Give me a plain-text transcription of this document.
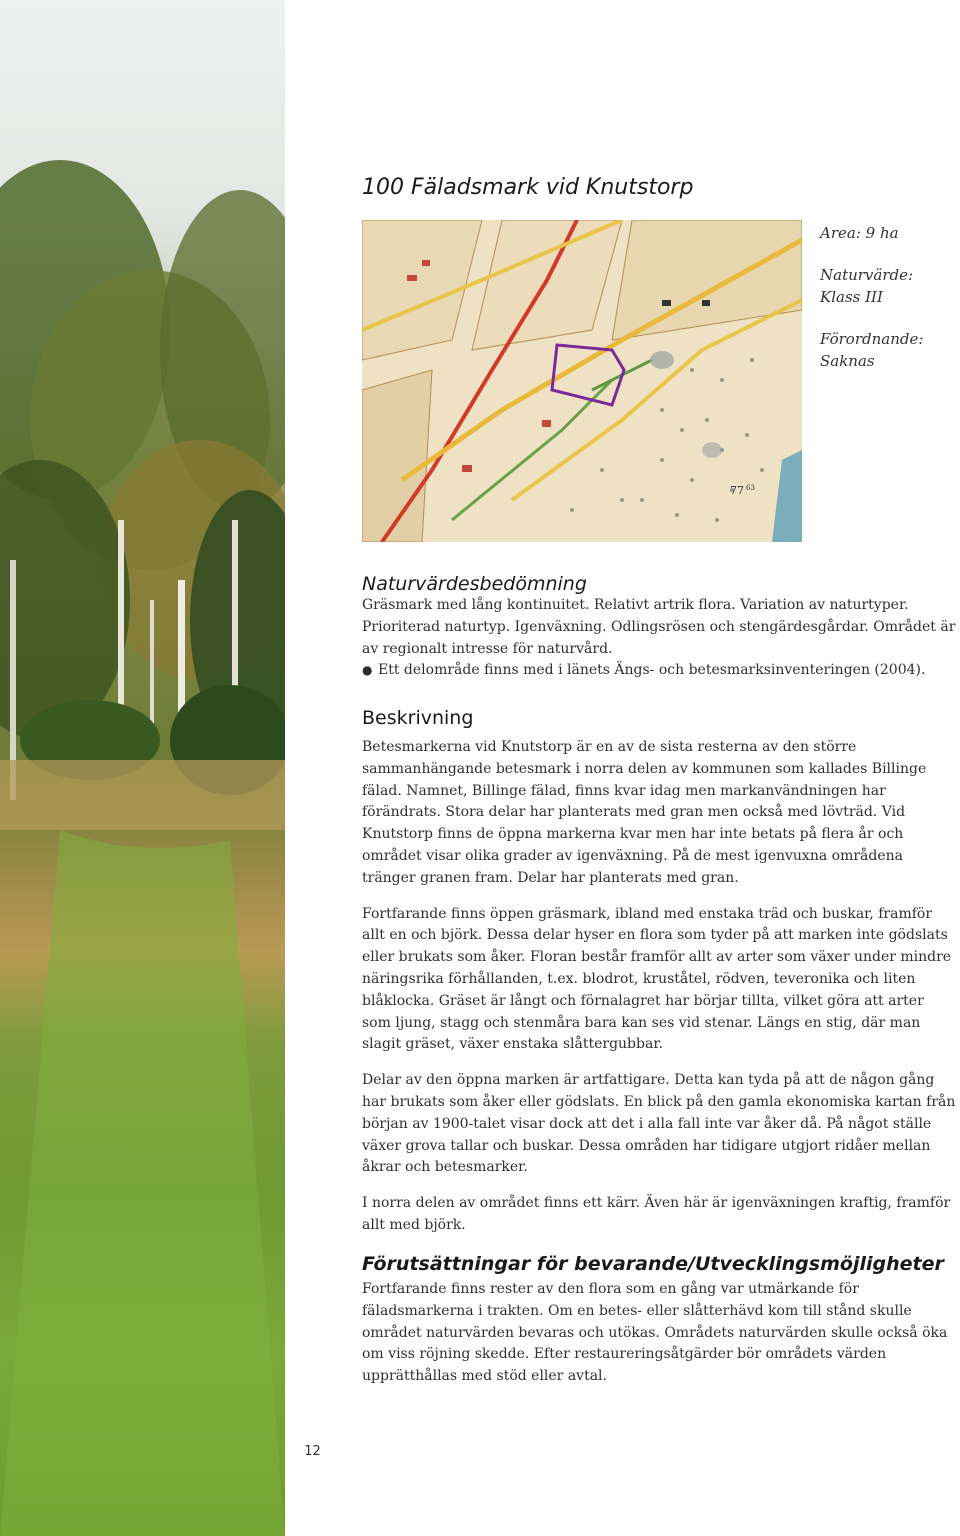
100 Fäladsmark vid Knutstorp
77 63

Area: 9 ha

Naturvärde: Klass III

Förordnande: Saknas

Naturvärdesbedömning

Gräsmark med lång kontinuitet. Relativt artrik flora. Variation av naturtyper. Prioriterad naturtyp. Igenväxning. Odlingsrösen och stengärdesgårdar. Området är av regionalt intresse för naturvård.

● Ett delområde finns med i länets Ängs- och betesmarksinventeringen (2004).
Beskrivning

Betesmarkerna vid Knutstorp är en av de sista resterna av den större sammanhängande betesmark i norra delen av kommunen som kallades Billinge fälad. Namnet, Billinge fälad, finns kvar idag men markanvändningen har förändrats. Stora delar har planterats med gran men också med lövträd. Vid Knutstorp finns de öppna markerna kvar men har inte betats på flera år och området visar olika grader av igenväxning. På de mest igenvuxna områdena tränger granen fram. Delar har planterats med gran.

Fortfarande finns öppen gräsmark, ibland med enstaka träd och buskar, framför allt en och björk. Dessa delar hyser en flora som tyder på att marken inte gödslats eller brukats som åker. Floran består framför allt av arter som växer under mindre näringsrika förhållanden, t.ex. blodrot, kruståtel, rödven, teveronika och liten blåklocka. Gräset är långt och förnalagret har börjar tillta, vilket göra att arter som ljung, stagg och stenmåra bara kan ses vid stenar. Längs en stig, där man slagit gräset, växer enstaka slåttergubbar.

Delar av den öppna marken är artfattigare. Detta kan tyda på att de någon gång har brukats som åker eller gödslats. En blick på den gamla ekonomiska kartan från början av 1900-talet visar dock att det i alla fall inte var åker då. På något ställe växer grova tallar och buskar. Dessa områden har tidigare utgjort ridåer mellan åkrar och betesmarker.

I norra delen av området finns ett kärr. Även här är igenväxningen kraftig, framför allt med björk.

Förutsättningar för bevarande/Utvecklingsmöjligheter

Fortfarande finns rester av den flora som en gång var utmärkande för fäladsmarkerna i trakten. Om en betes- eller slåtterhävd kom till stånd skulle området naturvärden bevaras och utökas. Områdets naturvärden skulle också öka om viss röjning skedde. Efter restaureringsåtgärder bör områdets värden upprätthållas med stöd eller avtal.

12
